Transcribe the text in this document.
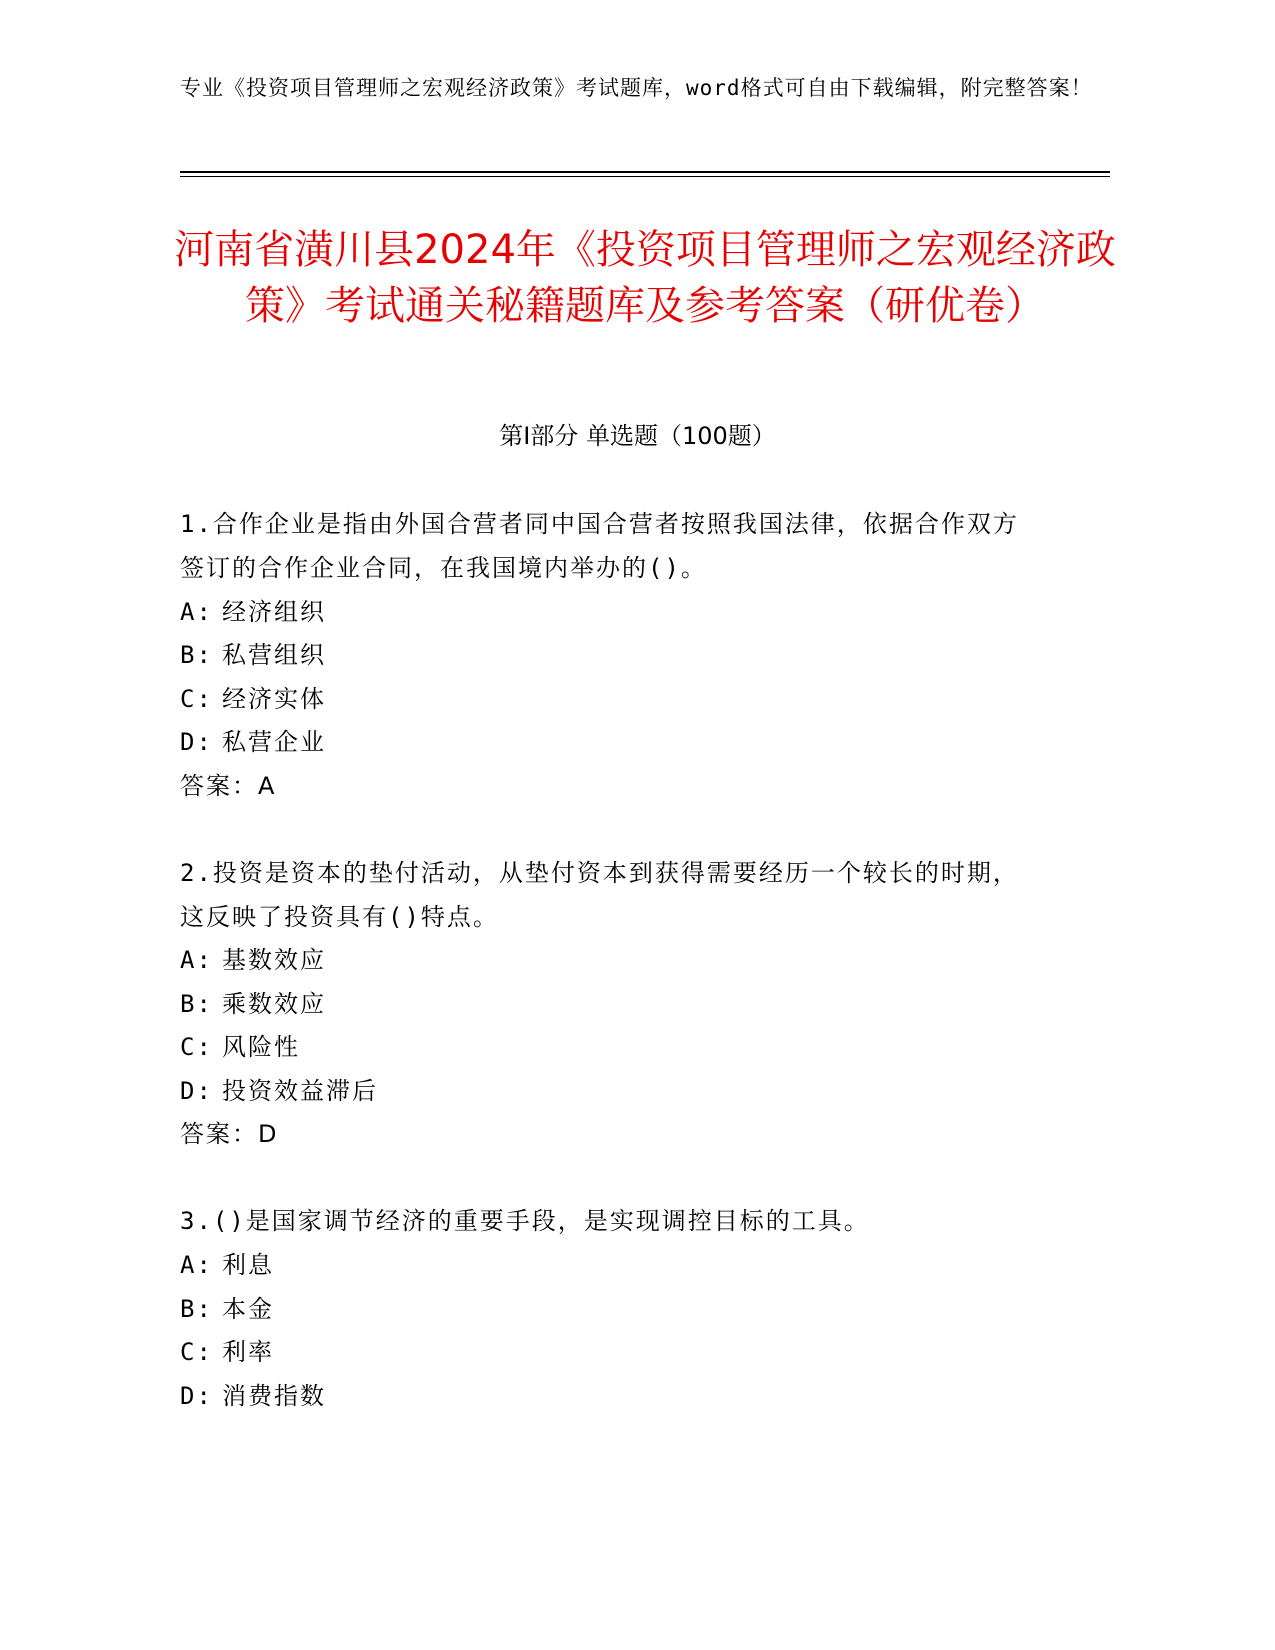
专业《投资项目管理师之宏观经济政策》考试题库，word格式可自由下载编辑，附完整答案！
河南省潢川县2024年《投资项目管理师之宏观经济政策》考试通关秘籍题库及参考答案（研优卷）
第Ⅰ部分 单选题（100题）
1.合作企业是指由外国合营者同中国合营者按照我国法律，依据合作双方签订的合作企业合同，在我国境内举办的()。
A: 经济组织
B: 私营组织
C: 经济实体
D: 私营企业
答案：A
2.投资是资本的垫付活动，从垫付资本到获得需要经历一个较长的时期，这反映了投资具有()特点。
A: 基数效应
B: 乘数效应
C: 风险性
D: 投资效益滞后
答案：D
3.()是国家调节经济的重要手段，是实现调控目标的工具。
A: 利息
B: 本金
C: 利率
D: 消费指数
